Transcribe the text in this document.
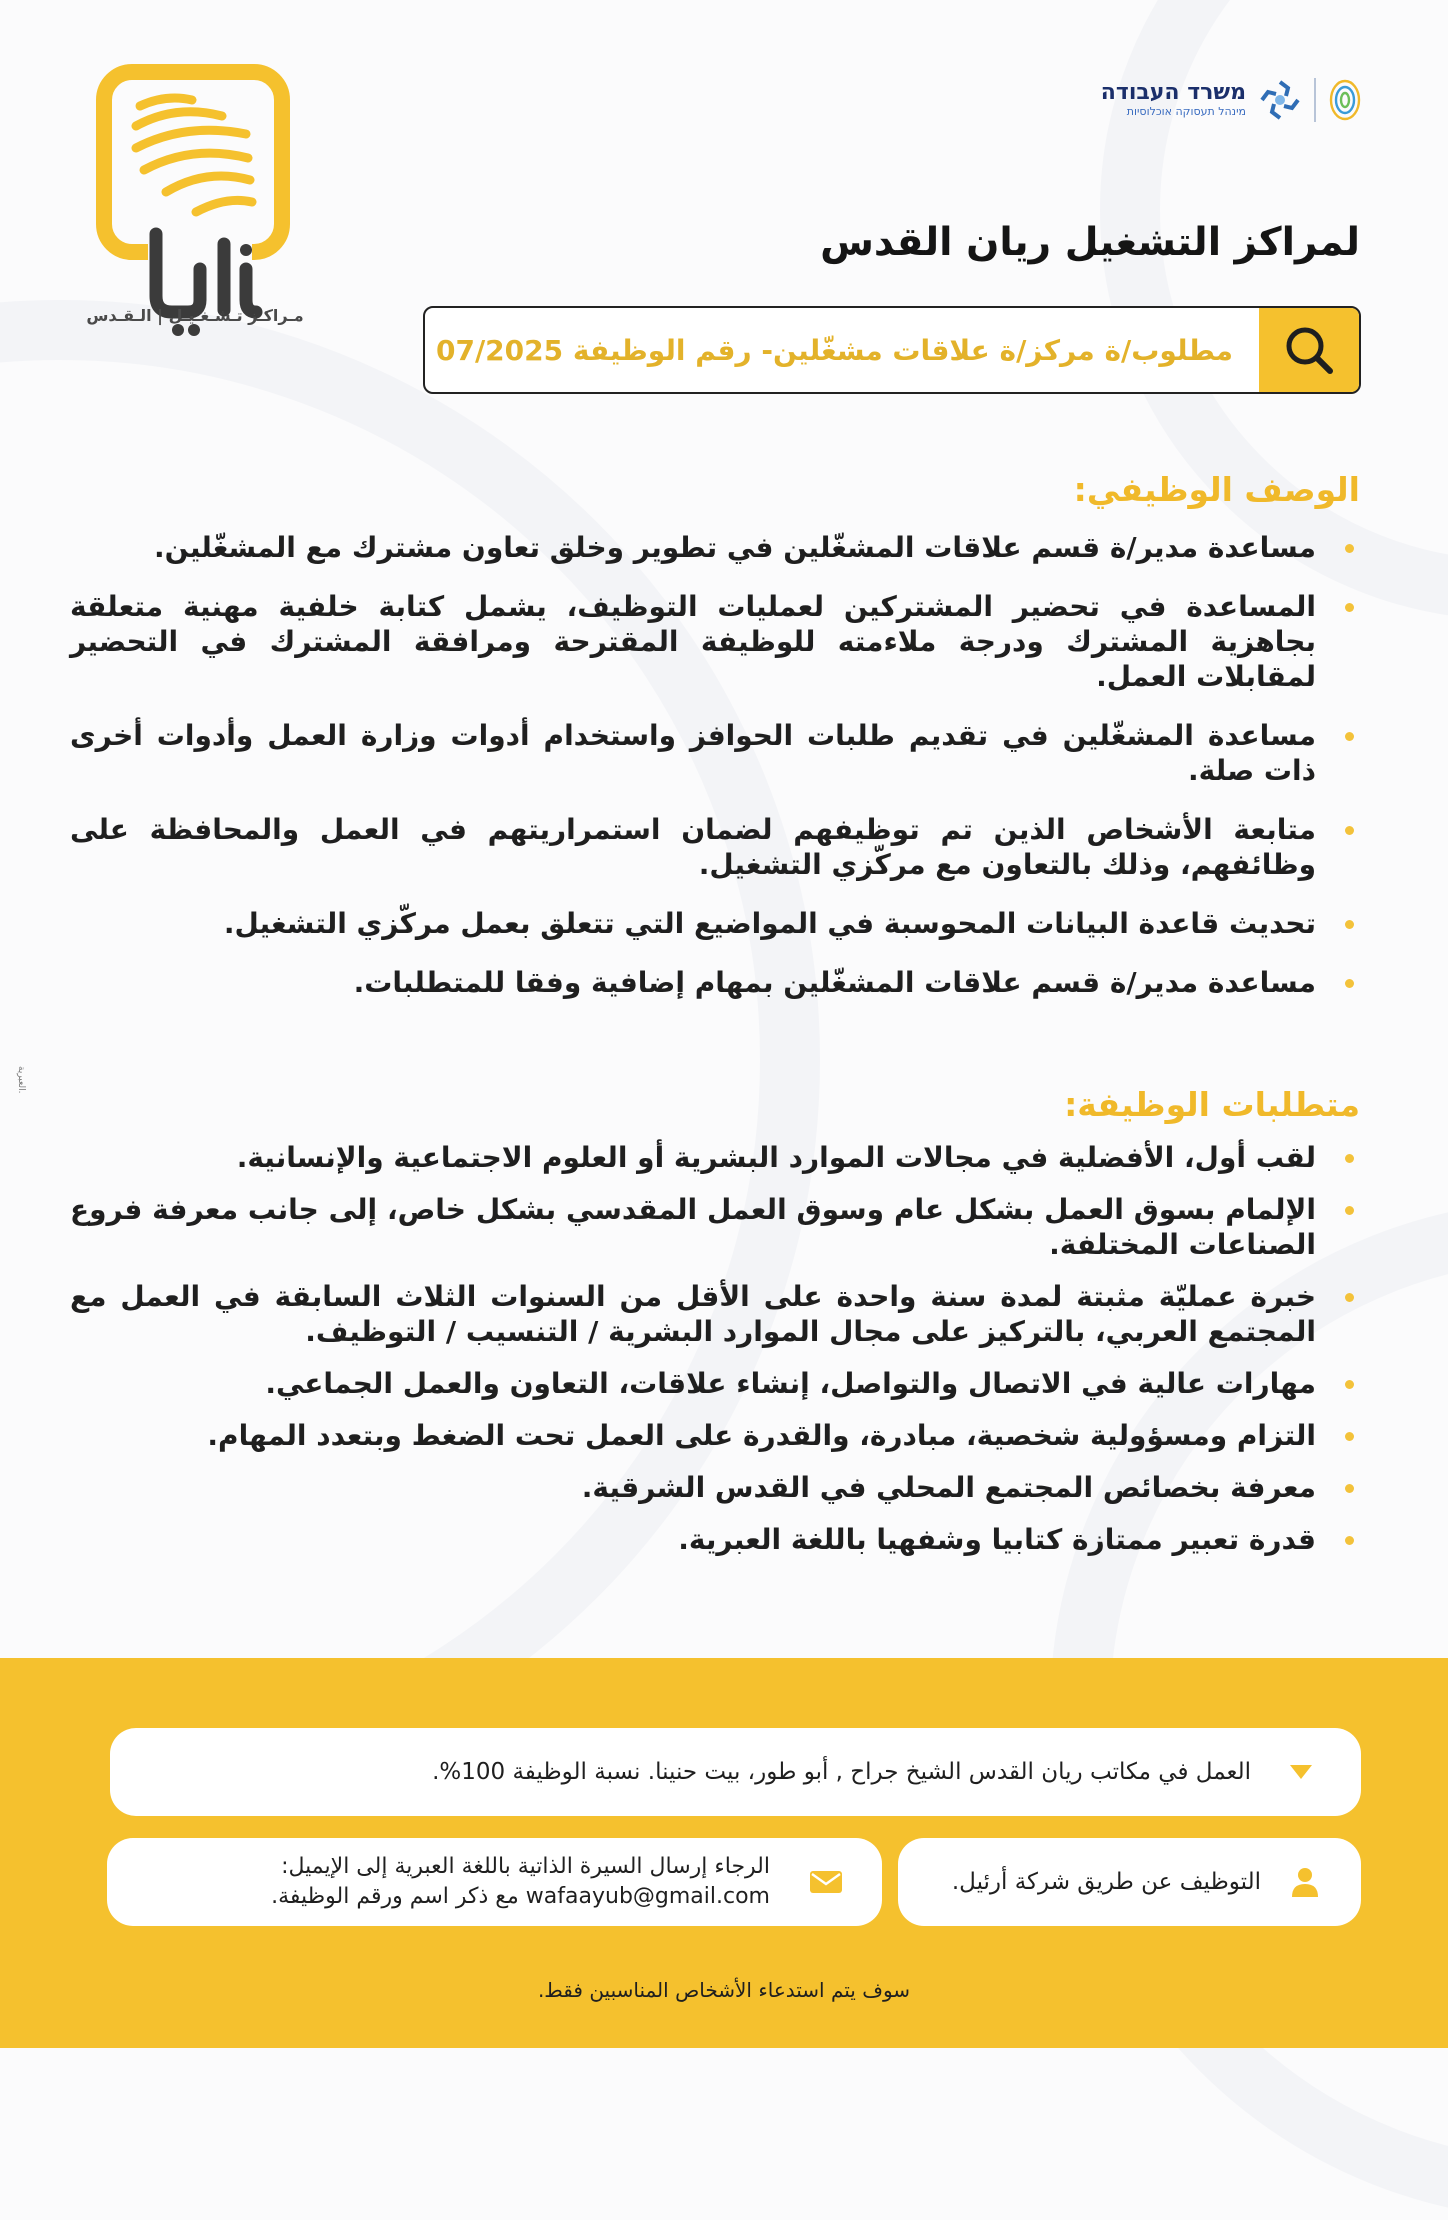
משרד העבודה
מינהל תעסוקה אוכלוסיות
مـراكـز تـشـغـيـل | الـقـدس
لمراكز التشغيل ريان القدس
مطلوب/ة مركز/ة علاقات مشغّلين- رقم الوظيفة 07/2025
الوصف الوظيفي:
مساعدة مدير/ة قسم علاقات المشغّلين في تطوير وخلق تعاون مشترك مع المشغّلين.
المساعدة في تحضير المشتركين لعمليات التوظيف، يشمل كتابة خلفية مهنية متعلقة بجاهزية المشترك ودرجة ملاءمته للوظيفة المقترحة ومرافقة المشترك في التحضير لمقابلات العمل.
مساعدة المشغّلين في تقديم طلبات الحوافز واستخدام أدوات وزارة العمل وأدوات أخرى ذات صلة.
متابعة الأشخاص الذين تم توظيفهم لضمان استمراريتهم في العمل والمحافظة على وظائفهم، وذلك بالتعاون مع مركّزي التشغيل.
تحديث قاعدة البيانات المحوسبة في المواضيع التي تتعلق بعمل مركّزي التشغيل.
مساعدة مدير/ة قسم علاقات المشغّلين بمهام إضافية وفقا للمتطلبات.
العبرية.	متطلبات الوظيفة:
لقب أول، الأفضلية في مجالات الموارد البشرية أو العلوم الاجتماعية والإنسانية.
الإلمام بسوق العمل بشكل عام وسوق العمل المقدسي بشكل خاص، إلى جانب معرفة فروع الصناعات المختلفة.
خبرة عمليّة مثبتة لمدة سنة واحدة على الأقل من السنوات الثلاث السابقة في العمل مع المجتمع العربي، بالتركيز على مجال الموارد البشرية / التنسيب / التوظيف.
مهارات عالية في الاتصال والتواصل، إنشاء علاقات، التعاون والعمل الجماعي.
التزام ومسؤولية شخصية، مبادرة، والقدرة على العمل تحت الضغط وبتعدد المهام.
معرفة بخصائص المجتمع المحلي في القدس الشرقية.
قدرة تعبير ممتازة كتابيا وشفهيا باللغة العبرية.
العمل في مكاتب ريان القدس الشيخ جراح , أبو طور، بيت حنينا. نسبة الوظيفة 100%.
التوظيف عن طريق شركة أرئيل.
الرجاء إرسال السيرة الذاتية باللغة العبرية إلى الإيميل:
wafaayub@gmail.com مع ذكر اسم ورقم الوظيفة.
سوف يتم استدعاء الأشخاص المناسبين فقط.
